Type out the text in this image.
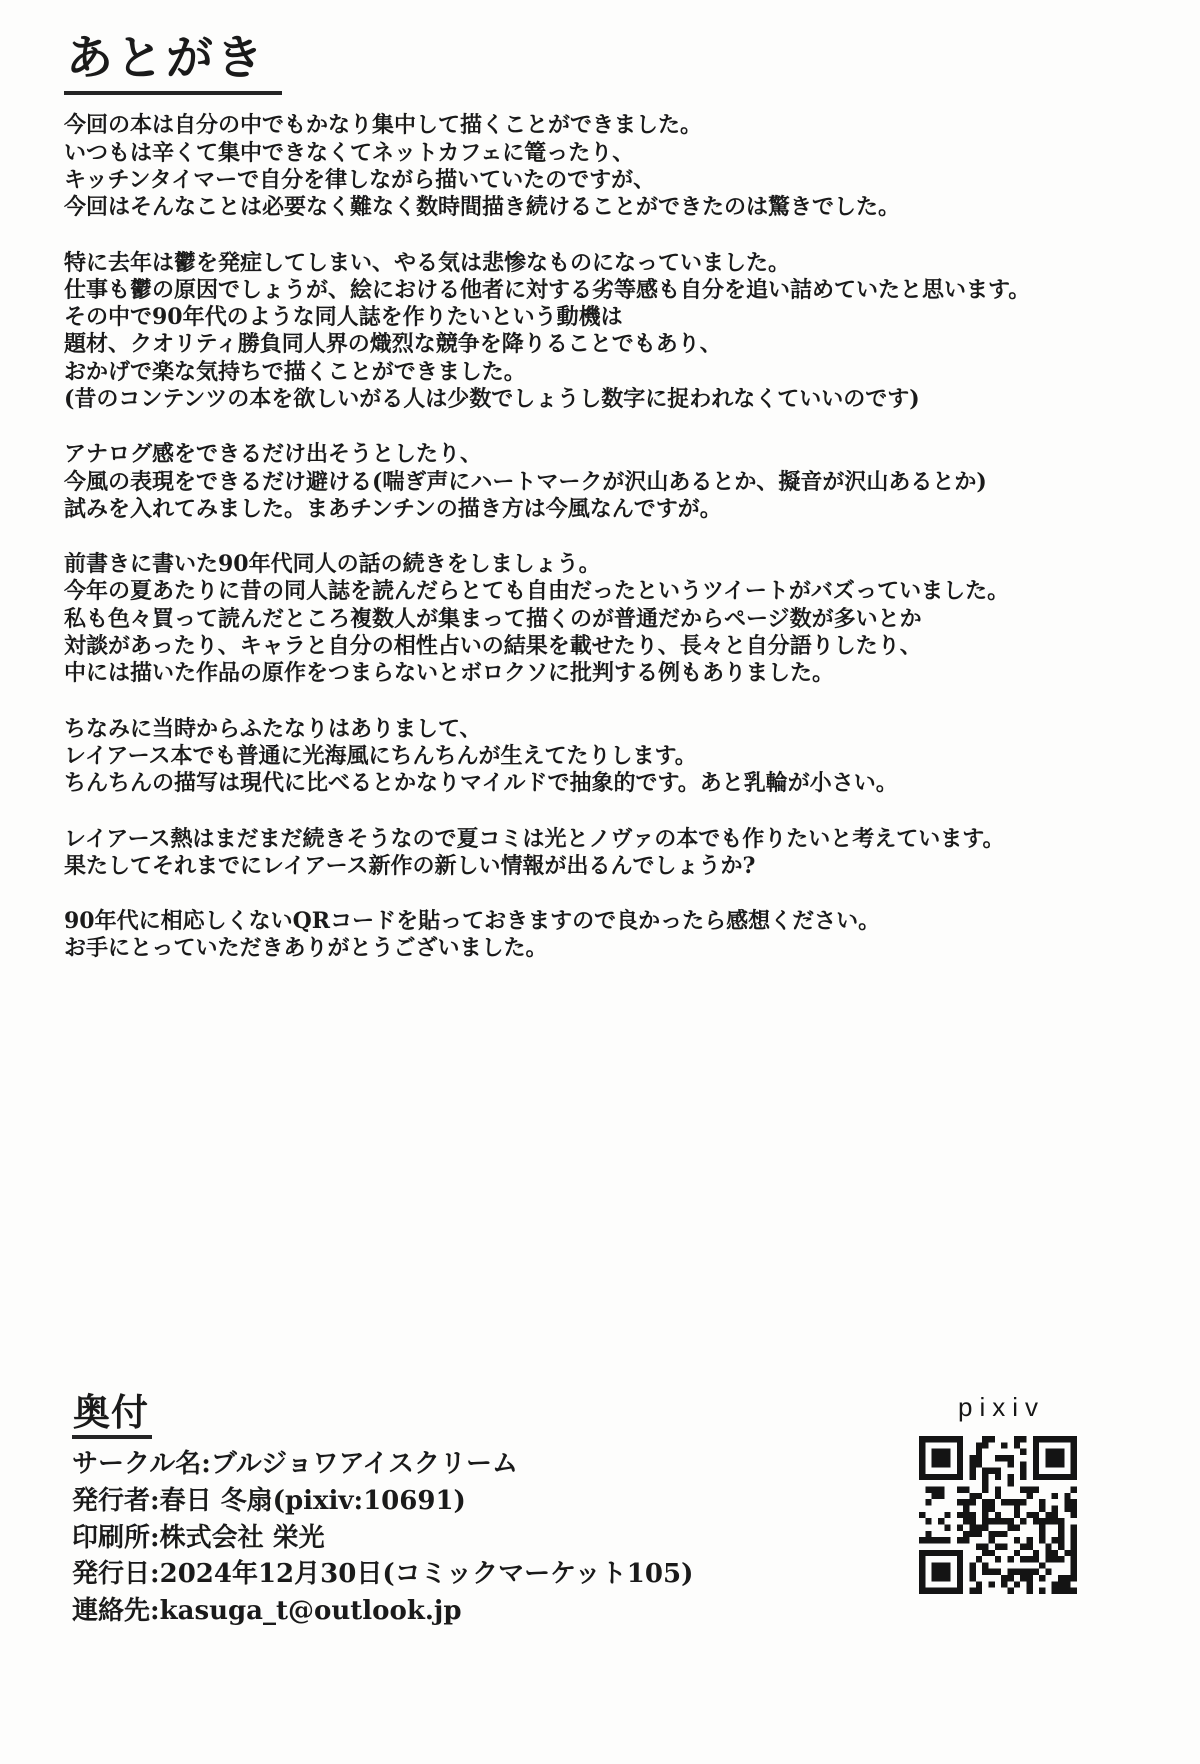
あとがき
今回の本は自分の中でもかなり集中して描くことができました。
いつもは辛くて集中できなくてネットカフェに篭ったり、
キッチンタイマーで自分を律しながら描いていたのですが、
今回はそんなことは必要なく難なく数時間描き続けることができたのは驚きでした。
特に去年は鬱を発症してしまい、やる気は悲惨なものになっていました。
仕事も鬱の原因でしょうが、絵における他者に対する劣等感も自分を追い詰めていたと思います。
その中で90年代のような同人誌を作りたいという動機は
題材、クオリティ勝負同人界の熾烈な競争を降りることでもあり、
おかげで楽な気持ちで描くことができました。
(昔のコンテンツの本を欲しいがる人は少数でしょうし数字に捉われなくていいのです)
アナログ感をできるだけ出そうとしたり、
今風の表現をできるだけ避ける(喘ぎ声にハートマークが沢山あるとか、擬音が沢山あるとか)
試みを入れてみました。まあチンチンの描き方は今風なんですが。
前書きに書いた90年代同人の話の続きをしましょう。
今年の夏あたりに昔の同人誌を読んだらとても自由だったというツイートがバズっていました。
私も色々買って読んだところ複数人が集まって描くのが普通だからページ数が多いとか
対談があったり、キャラと自分の相性占いの結果を載せたり、長々と自分語りしたり、
中には描いた作品の原作をつまらないとボロクソに批判する例もありました。
ちなみに当時からふたなりはありまして、
レイアース本でも普通に光海風にちんちんが生えてたりします。
ちんちんの描写は現代に比べるとかなりマイルドで抽象的です。あと乳輪が小さい。
レイアース熱はまだまだ続きそうなので夏コミは光とノヴァの本でも作りたいと考えています。
果たしてそれまでにレイアース新作の新しい情報が出るんでしょうか?
90年代に相応しくないQRコードを貼っておきますので良かったら感想ください。
お手にとっていただきありがとうございました。
奥付
サークル名:ブルジョワアイスクリーム
発行者:春日 冬扇(pixiv:10691)
印刷所:株式会社 栄光
発行日:2024年12月30日(コミックマーケット105)
連絡先:kasuga_t@outlook.jp
pixiv
